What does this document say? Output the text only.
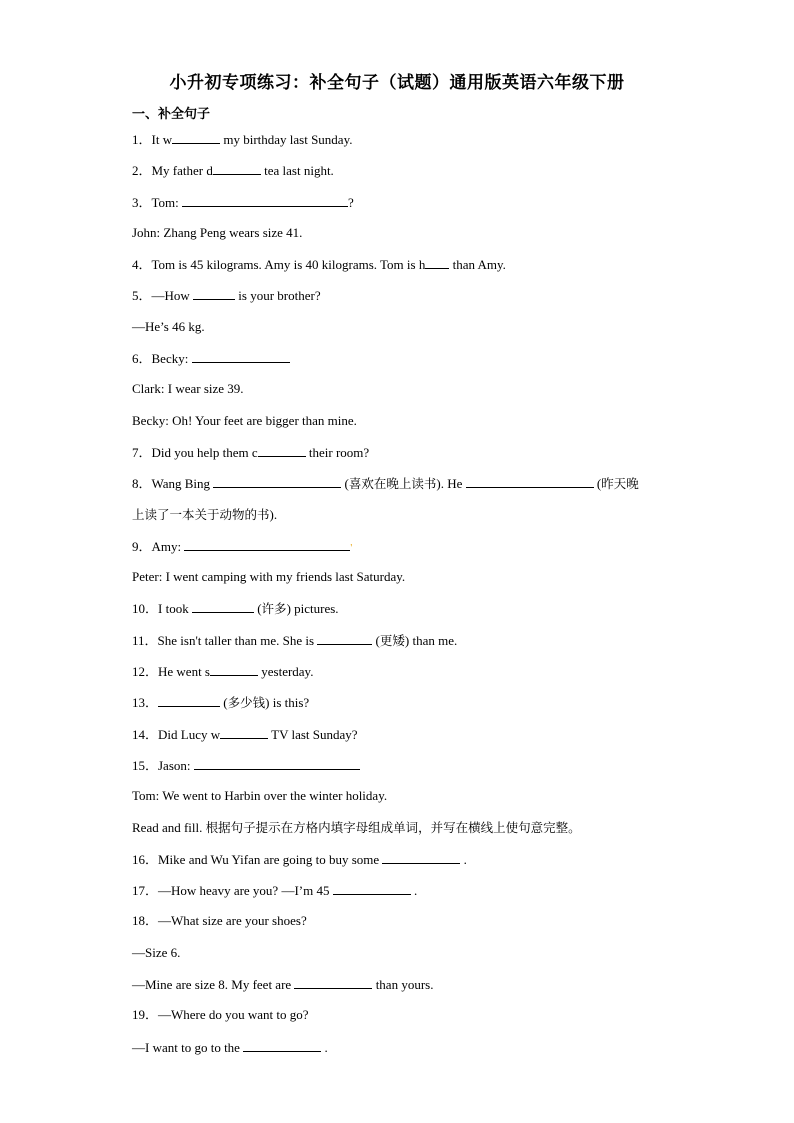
小升初专项练习：补全句子（试题）通用版英语六年级下册
一、补全句子
1．It w	my birthday last Sunday.
2．My father d	tea last night.
3．Tom:	?
John: Zhang Peng wears size 41.
4．Tom is 45 kilograms. Amy is 40 kilograms. Tom is h than Amy.
5．—How	is your brother?
—He’s 46 kg.
6．Becky:
Clark: I wear size 39.
Becky: Oh! Your feet are bigger than mine.
7．Did you help them c	their room?
8．Wang Bing	(喜欢在晚上读书). He	(昨天晚
上读了一本关于动物的书).
9．Amy:	'
Peter: I went camping with my friends last Saturday.
10．I took	(许多) pictures.
11．She isn't taller than me. She is	(更矮) than me.
12．He went s	yesterday.
13．	(多少钱) is this?
14．Did Lucy w	TV last Sunday?
15．Jason:
Tom: We went to Harbin over the winter holiday.
Read and fill. 根据句子提示在方格内填字母组成单词，并写在横线上使句意完整。
16．Mike and Wu Yifan are going to buy some	.
17．—How heavy are you? —I’m 45	.
18．—What size are your shoes?
—Size 6.
—Mine are size 8. My feet are	than yours.
19．—Where do you want to go?
—I want to go to the	.
